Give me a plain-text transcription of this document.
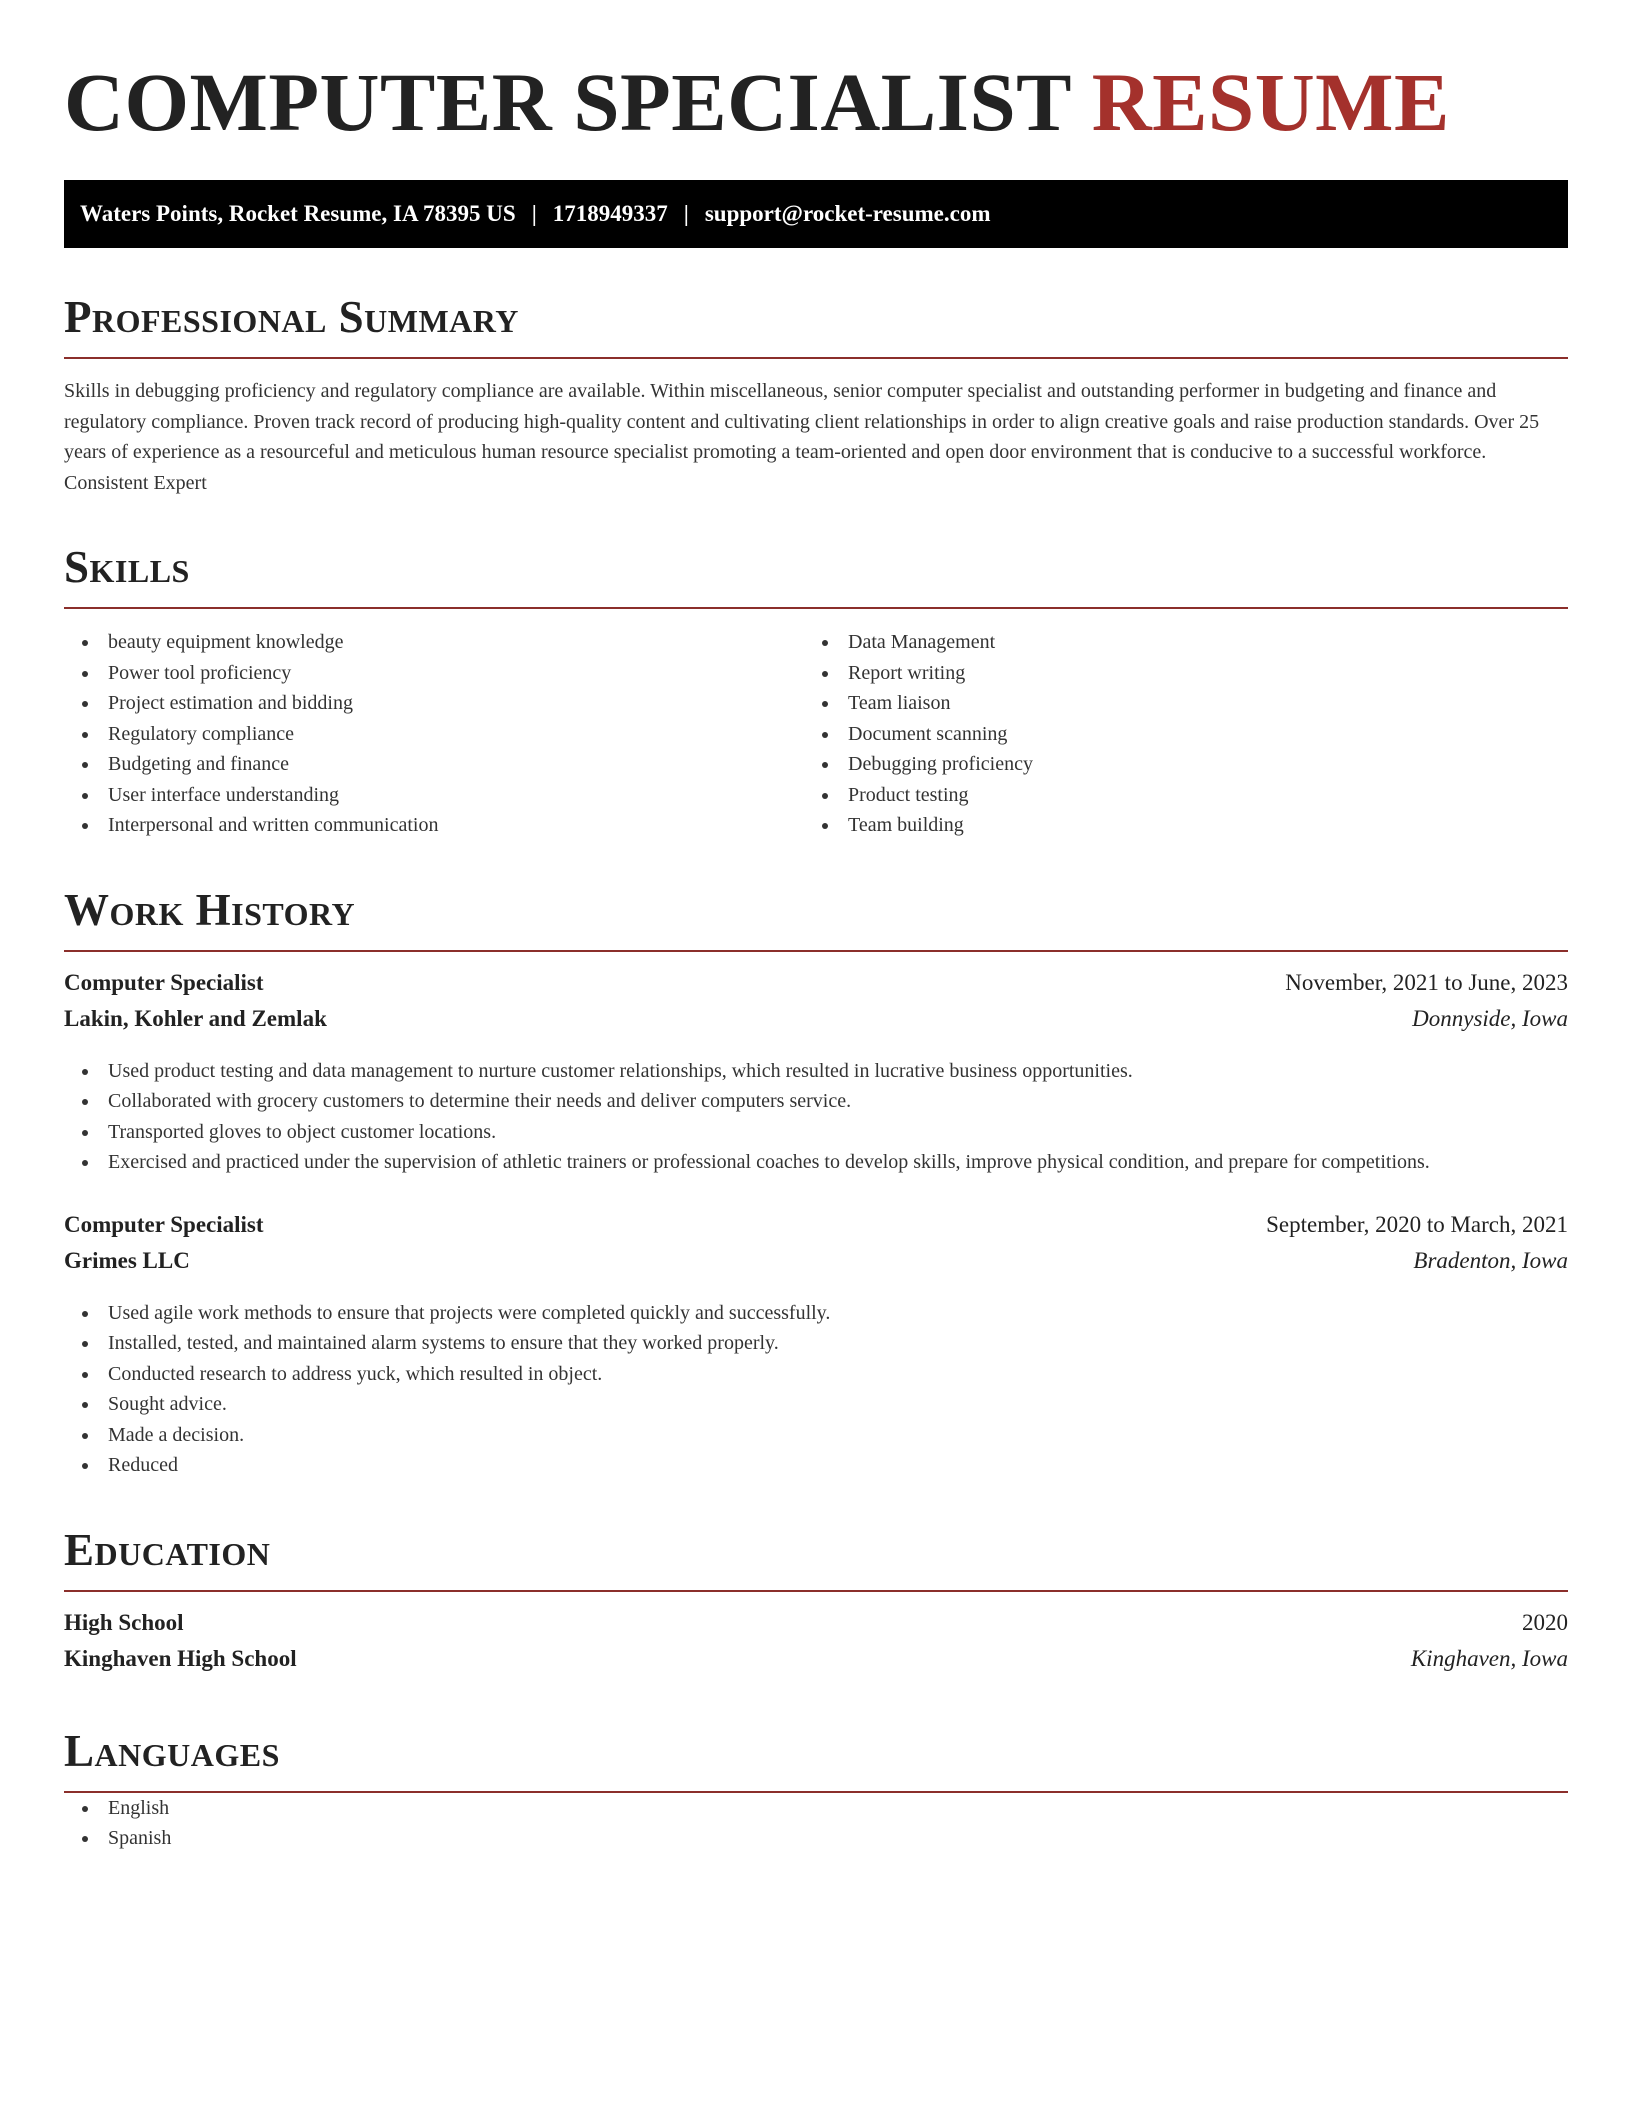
COMPUTER SPECIALIST RESUME
Waters Points, Rocket Resume, IA 78395 US | 1718949337 | support@rocket-resume.com
Professional Summary

Skills in debugging proficiency and regulatory compliance are available. Within miscellaneous, senior computer specialist and outstanding performer in budgeting and finance and regulatory compliance. Proven track record of producing high-quality content and cultivating client relationships in order to align creative goals and raise production standards. Over 25 years of experience as a resourceful and meticulous human resource specialist promoting a team-oriented and open door environment that is conducive to a successful workforce. Consistent Expert

Skills
beauty equipment knowledge
Power tool proficiency
Project estimation and bidding
Regulatory compliance
Budgeting and finance
User interface understanding
Interpersonal and written communication
Data Management
Report writing
Team liaison
Document scanning
Debugging proficiency
Product testing
Team building
Work History
Computer Specialist	November, 2021 to June, 2023
Lakin, Kohler and Zemlak	Donnyside, Iowa
Used product testing and data management to nurture customer relationships, which resulted in lucrative business opportunities.
Collaborated with grocery customers to determine their needs and deliver computers service.
Transported gloves to object customer locations.
Exercised and practiced under the supervision of athletic trainers or professional coaches to develop skills, improve physical condition, and prepare for competitions.
Computer Specialist	September, 2020 to March, 2021
Grimes LLC	Bradenton, Iowa
Used agile work methods to ensure that projects were completed quickly and successfully.
Installed, tested, and maintained alarm systems to ensure that they worked properly.
Conducted research to address yuck, which resulted in object.
Sought advice.
Made a decision.
Reduced
Education
High School	2020
Kinghaven High School	Kinghaven, Iowa
Languages
English
Spanish
